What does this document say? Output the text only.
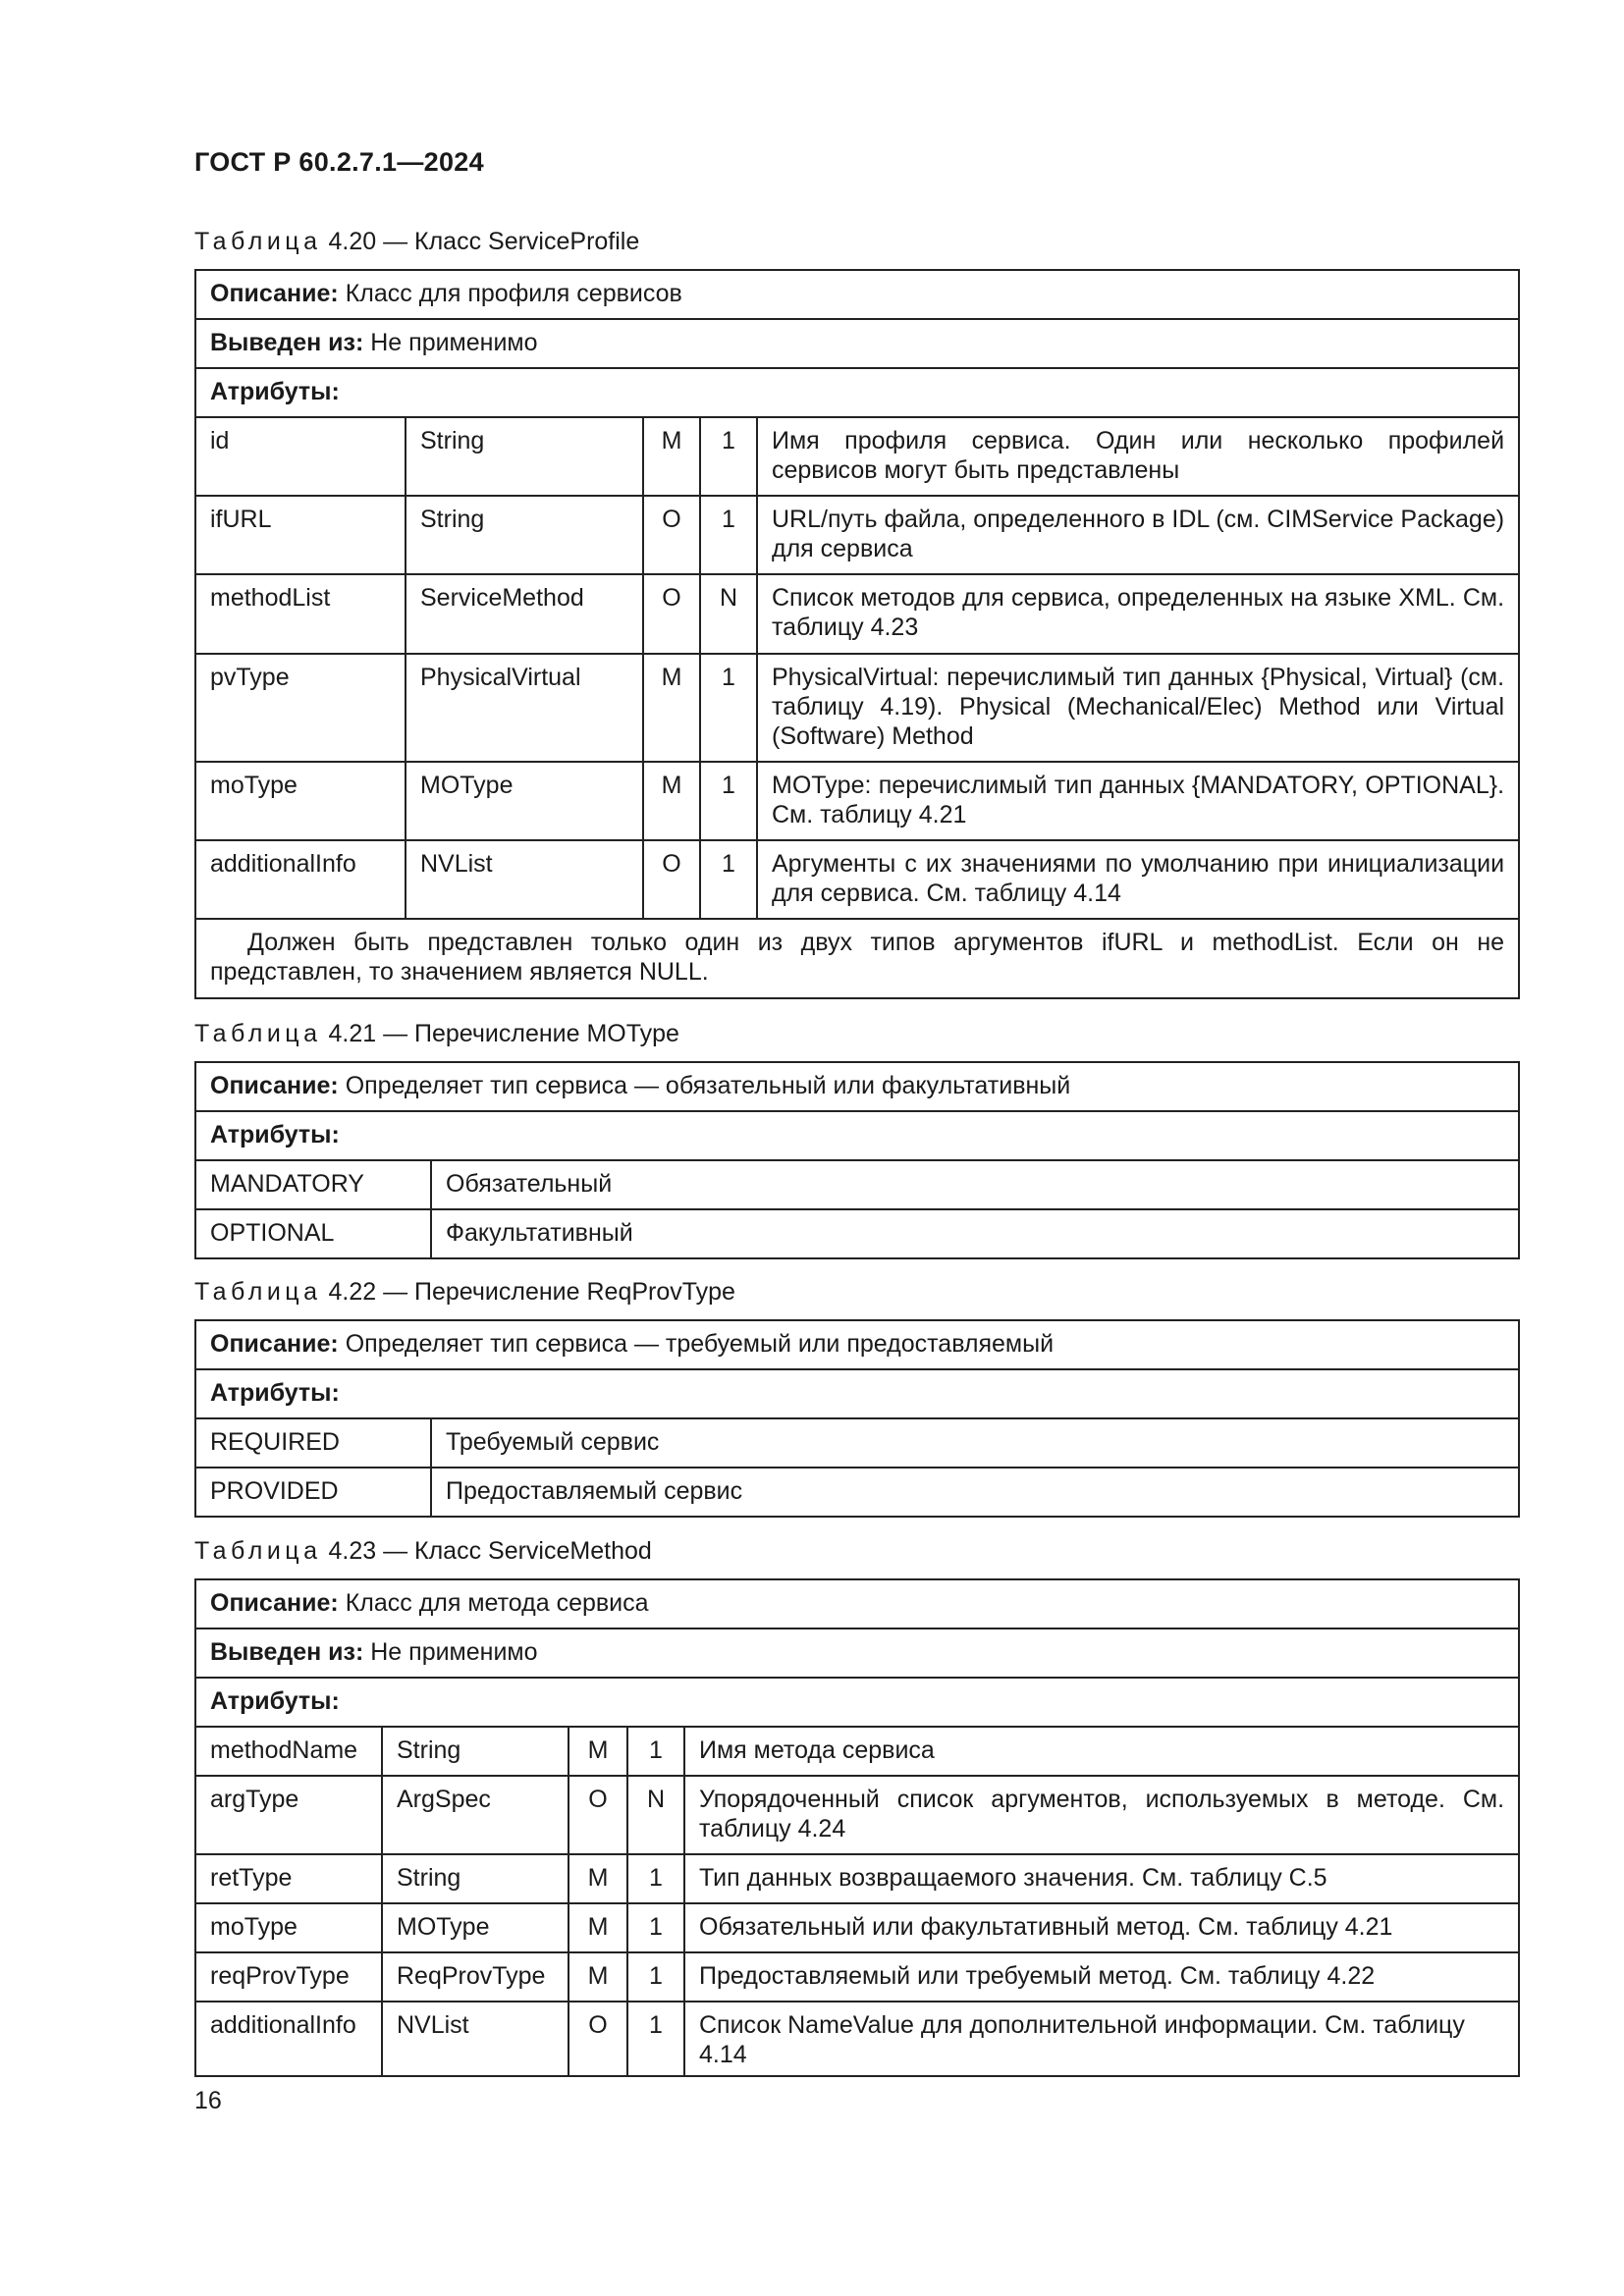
ГОСТ Р 60.2.7.1—2024
Таблица 4.20 — Класс ServiceProfile
Описание: Класс для профиля сервисов				
Выведен из: Не применимо				
Атрибуты:				
id	String	M	1	Имя профиля сервиса. Один или несколько профилей сервисов могут быть представлены
ifURL	String	O	1	URL/путь файла, определенного в IDL (см. CIMService Package) для сервиса
methodList	ServiceMethod	O	N	Список методов для сервиса, определенных на языке XML. См. таблицу 4.23
pvType	PhysicalVirtual	M	1	PhysicalVirtual: перечислимый тип данных {Physical, Virtual} (см. таблицу 4.19). Physical (Mechanical/Elec) Method или Virtual (Software) Method
moType	MOType	M	1	MOType: перечислимый тип данных {MANDATORY, OPTIONAL}. См. таблицу 4.21
additionalInfo	NVList	O	1	Аргументы с их значениями по умолчанию при инициализации для сервиса. См. таблицу 4.14
Должен быть представлен только один из двух типов аргументов ifURL и methodList. Если он не представлен, то значением является NULL.				
Таблица 4.21 — Перечисление MOType
Описание: Определяет тип сервиса — обязательный или факультативный	
Атрибуты:	
MANDATORY	Обязательный
OPTIONAL	Факультативный
Таблица 4.22 — Перечисление ReqProvType
Описание: Определяет тип сервиса — требуемый или предоставляемый	
Атрибуты:	
REQUIRED	Требуемый сервис
PROVIDED	Предоставляемый сервис
Таблица 4.23 — Класс ServiceMethod
Описание: Класс для метода сервиса				
Выведен из: Не применимо				
Атрибуты:				
methodName	String	M	1	Имя метода сервиса
argType	ArgSpec	O	N	Упорядоченный список аргументов, используемых в методе. См. таблицу 4.24
retType	String	M	1	Тип данных возвращаемого значения. См. таблицу C.5
moType	MOType	M	1	Обязательный или факультативный метод. См. таблицу 4.21
reqProvType	ReqProvType	M	1	Предоставляемый или требуемый метод. См. таблицу 4.22
additionalInfo	NVList	O	1	Список NameValue для дополнительной информации. См. таблицу 4.14
16
